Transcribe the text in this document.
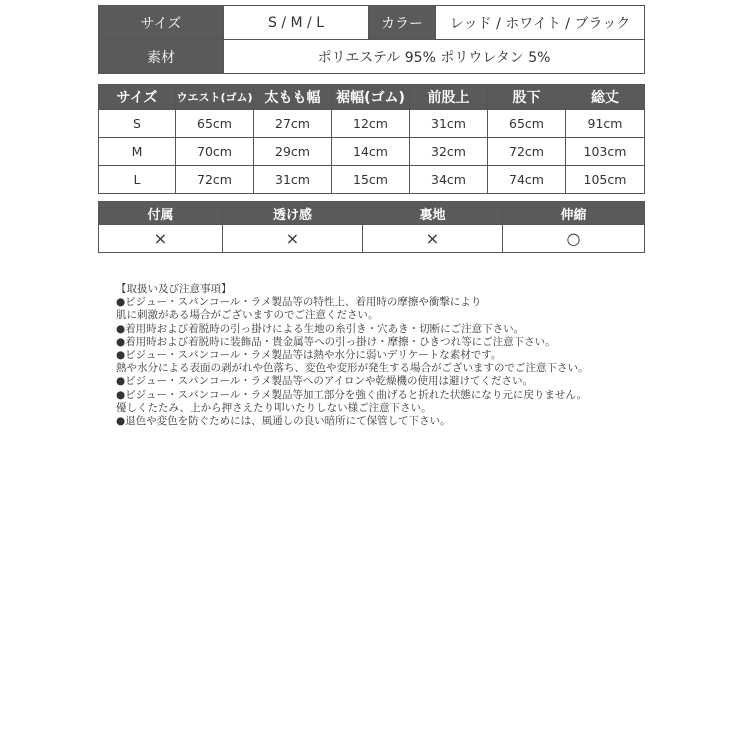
サイズ	S / M / L	カラー	レッド / ホワイト / ブラック
素材	ポリエステル 95% ポリウレタン 5%		
サイズ	ウエスト(ゴム)	太もも幅	裾幅(ゴム)	前股上	股下	総丈
S	65cm	27cm	12cm	31cm	65cm	91cm
M	70cm	29cm	14cm	32cm	72cm	103cm
L	72cm	31cm	15cm	34cm	74cm	105cm
付属	透け感	裏地	伸縮
×	×	×	○
【取扱い及び注意事項】
●ビジュー・スパンコール・ラメ製品等の特性上、着用時の摩擦や衝撃により
肌に刺激がある場合がございますのでご注意ください。
●着用時および着脱時の引っ掛けによる生地の糸引き・穴あき・切断にご注意下さい。
●着用時および着脱時に装飾品・貴金属等への引っ掛け・摩擦・ひきつれ等にご注意下さい。
●ビジュー・スパンコール・ラメ製品等は熱や水分に弱いデリケートな素材です。
熱や水分による表面の剥がれや色落ち、変色や変形が発生する場合がございますのでご注意下さい。
●ビジュー・スパンコール・ラメ製品等へのアイロンや乾燥機の使用は避けてください。
●ビジュー・スパンコール・ラメ製品等加工部分を強く曲げると折れた状態になり元に戻りません。
優しくたたみ、上から押さえたり叩いたりしない様ご注意下さい。
●退色や変色を防ぐためには、風通しの良い暗所にて保管して下さい。
